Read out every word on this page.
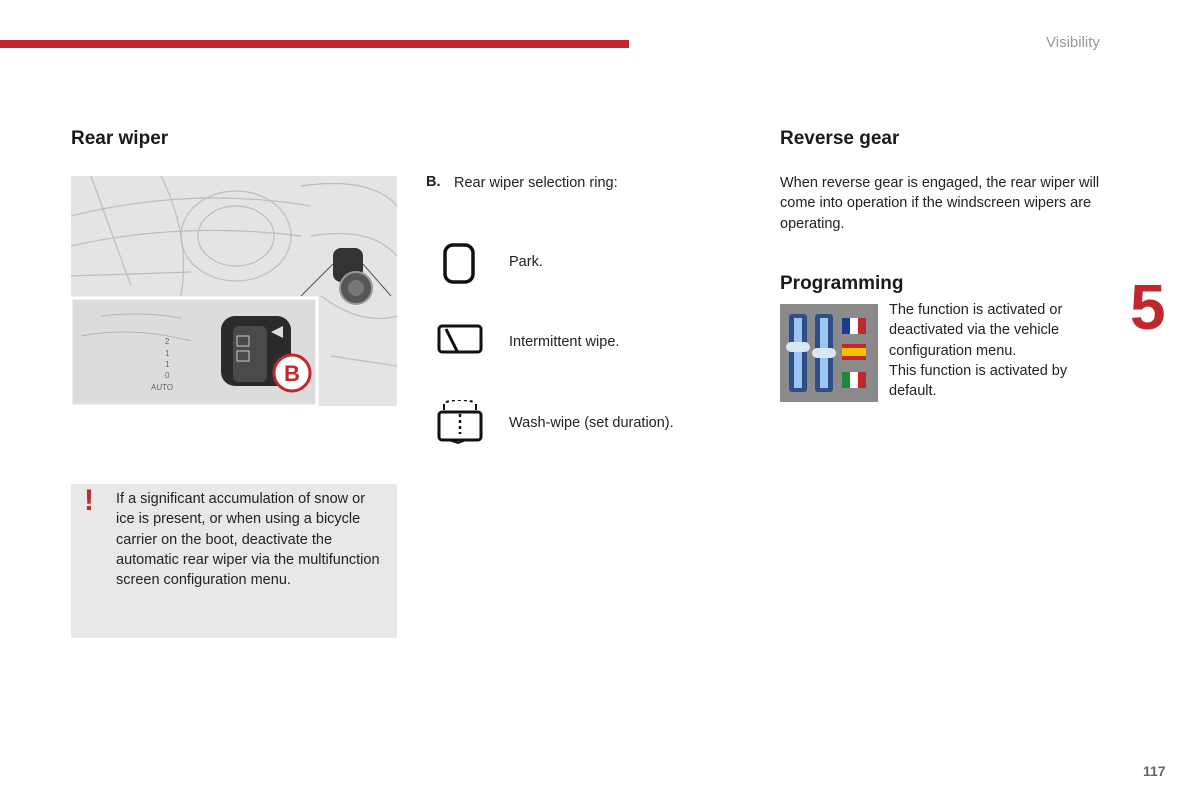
Visibility
5
117
Rear wiper
2
1
1
0
AUTO
B
! If a significant accumulation of snow or ice is present, or when using a bicycle carrier on the boot, deactivate the automatic rear wiper via the multifunction screen configuration menu.

B. Rear wiper selection ring:

Park.
Intermittent wipe.
Wash-wipe (set duration).
Reverse gear

When reverse gear is engaged, the rear wiper will come into operation if the windscreen wipers are operating.

Programming

The function is activated or deactivated via the vehicle configuration menu.

This function is activated by default.
